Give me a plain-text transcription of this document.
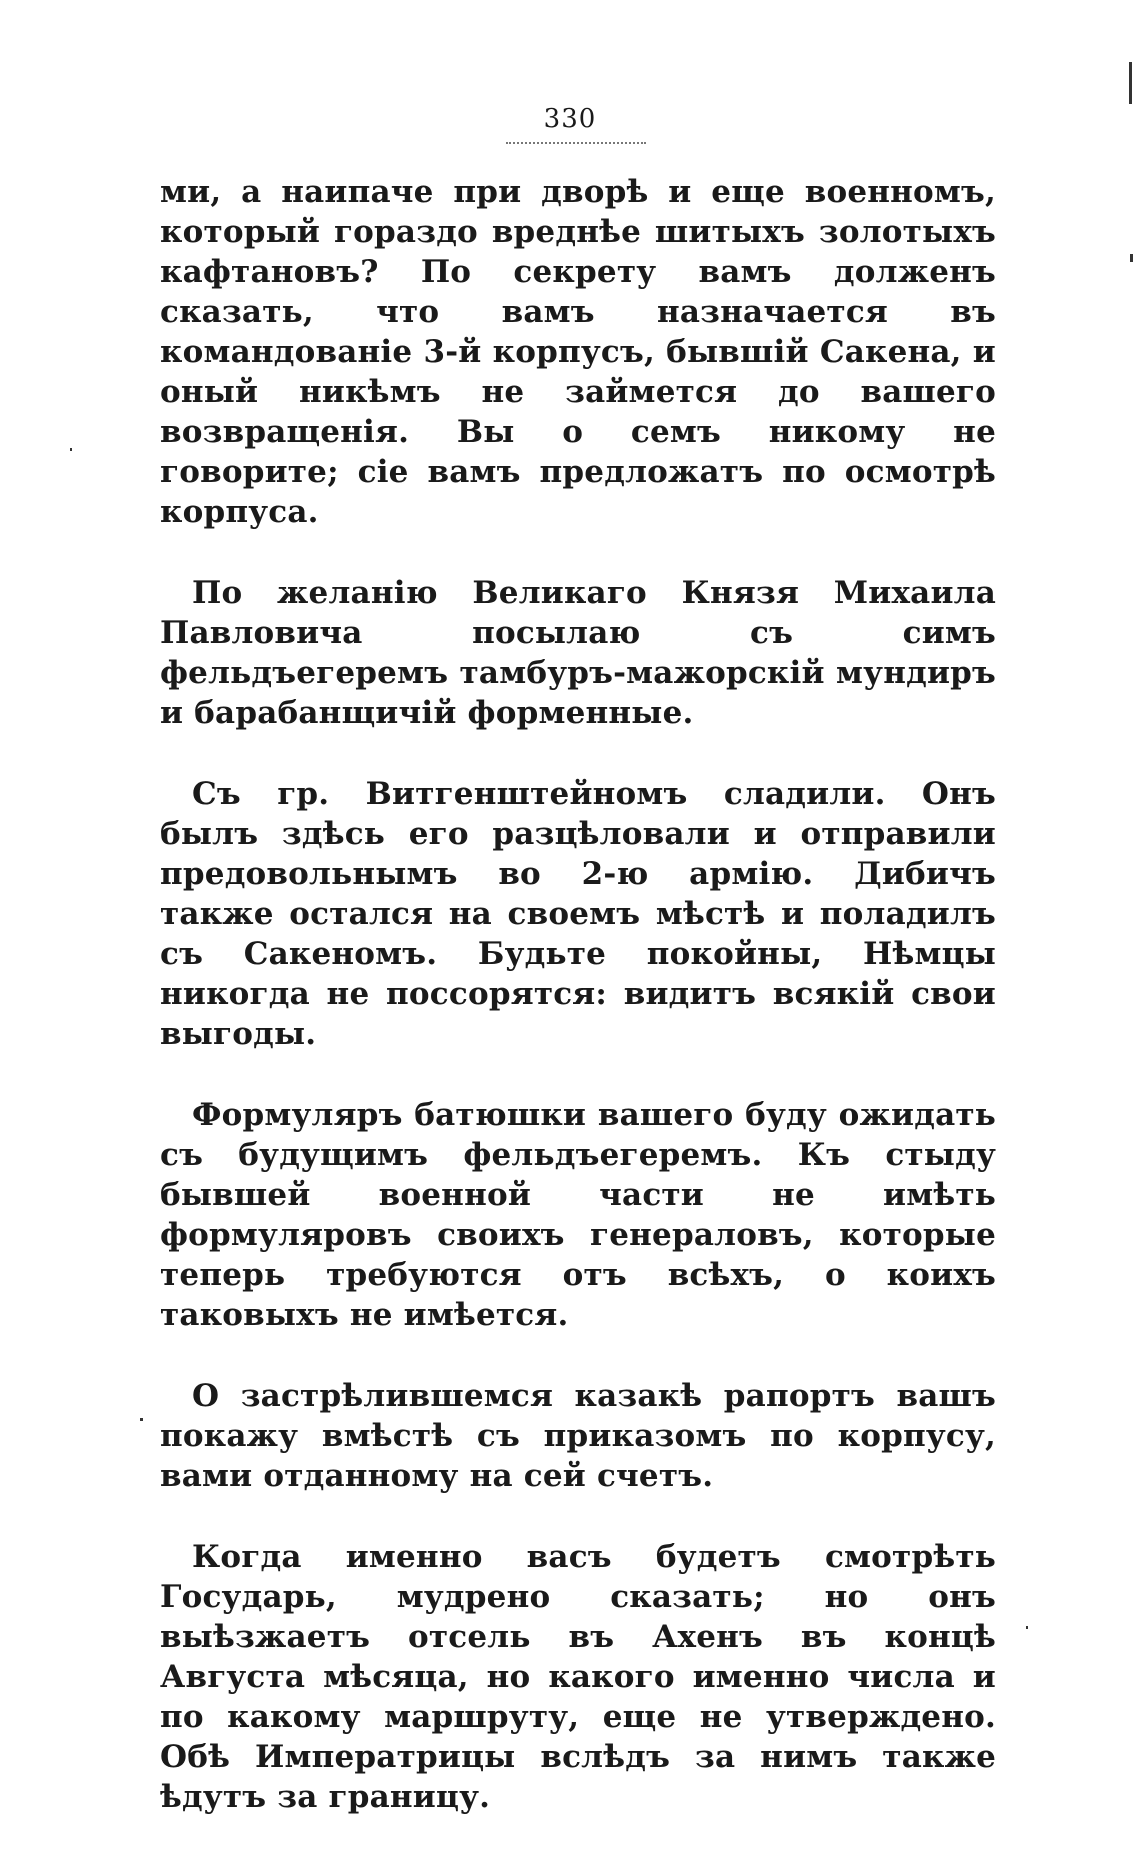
330

ми, а наипаче при дворѣ и еще военномъ, который гораздо вреднѣе шитыхъ золотыхъ кафтановъ? По секрету вамъ долженъ сказать, что вамъ назначается въ командованіе 3-й корпусъ, бывшій Сакена, и оный никѣмъ не займется до вашего возвращенія. Вы о семъ никому не говорите; сіе вамъ предложатъ по осмотрѣ корпуса.

По желанію Великаго Князя Михаила Павловича посылаю съ симъ фельдъегеремъ тамбуръ-мажорскій мундиръ и барабанщичій форменные.

Съ гр. Витгенштейномъ сладили. Онъ былъ здѣсь его разцѣловали и отправили предовольнымъ во 2-ю армію. Дибичъ также остался на своемъ мѣстѣ и поладилъ съ Сакеномъ. Будьте покойны, Нѣмцы никогда не поссорятся: видитъ всякій свои выгоды.

Формуляръ батюшки вашего буду ожидать съ будущимъ фельдъегеремъ. Къ стыду бывшей военной части не имѣть формуляровъ своихъ генераловъ, которые теперь требуются отъ всѣхъ, о коихъ таковыхъ не имѣется.

О застрѣлившемся казакѣ рапортъ вашъ покажу вмѣстѣ съ приказомъ по корпусу, вами отданному на сей счетъ.

Когда именно васъ будетъ смотрѣть Государь, мудрено сказать; но онъ выѣзжаетъ отсель въ Ахенъ въ концѣ Августа мѣсяца, но какого именно числа и по какому маршруту, еще не утверждено. Обѣ Императрицы вслѣдъ за нимъ также ѣдутъ за границу.
